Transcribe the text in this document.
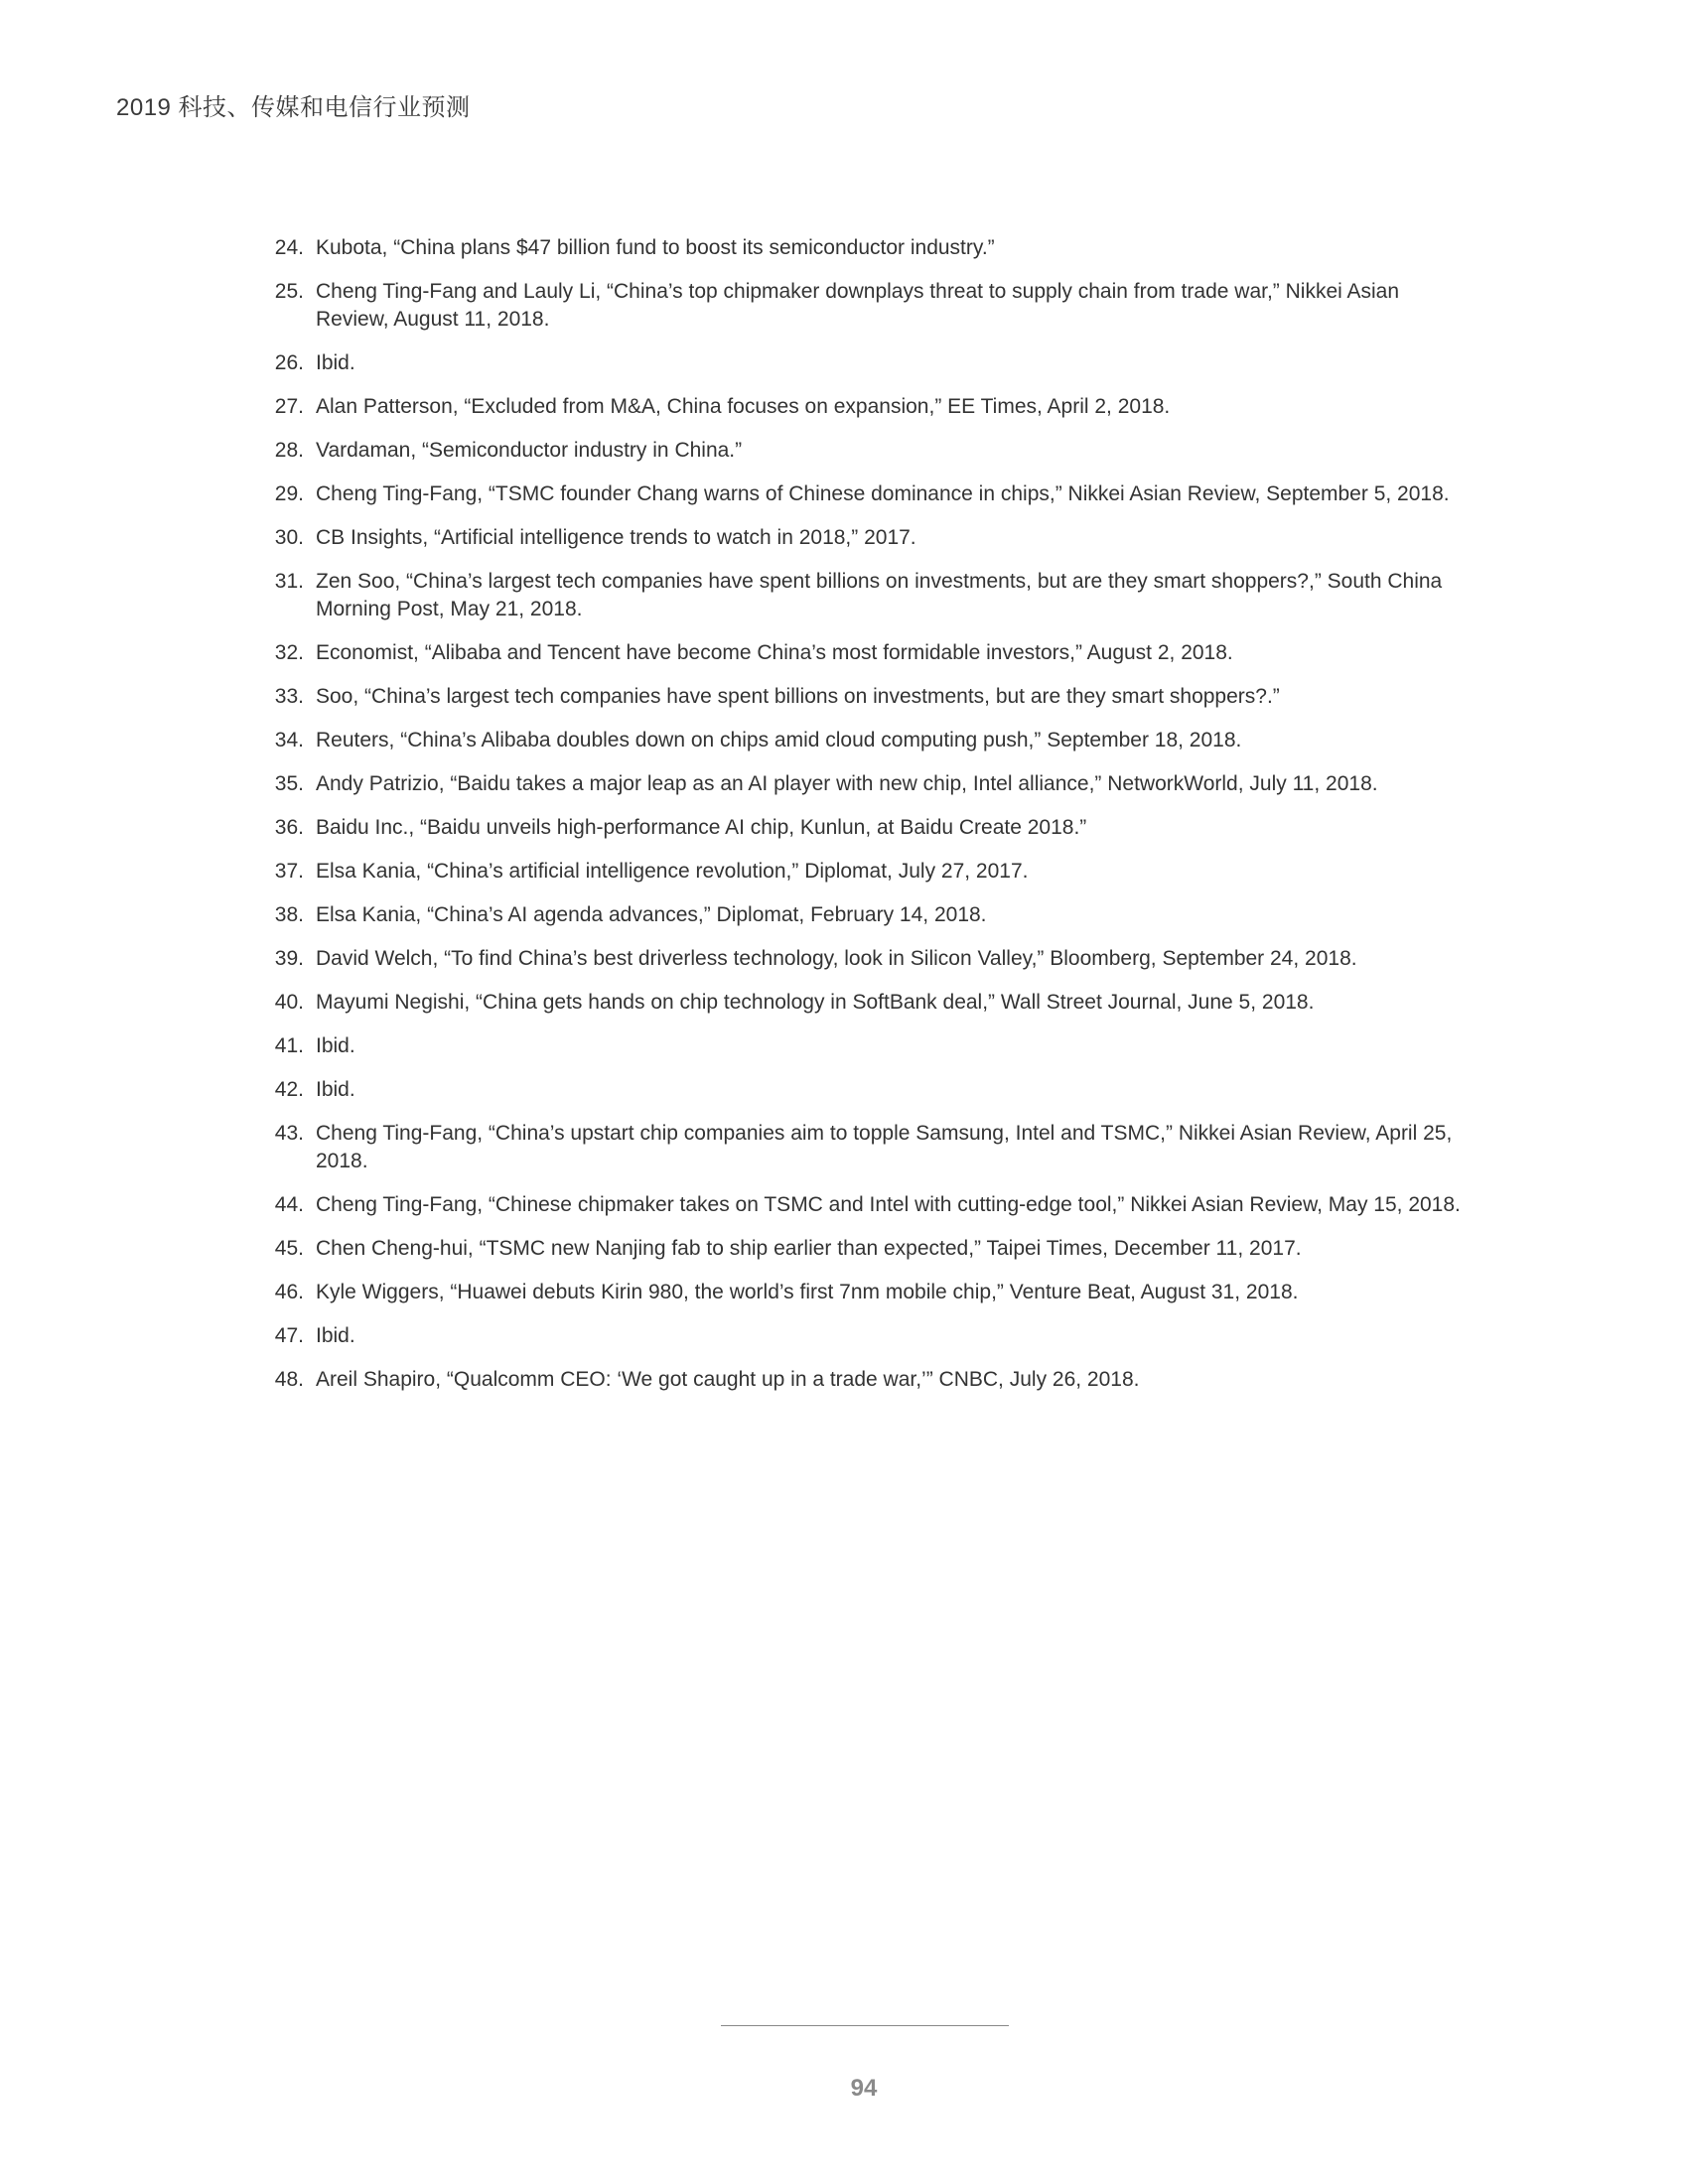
2019 科技、传媒和电信行业预测
24. Kubota, “China plans $47 billion fund to boost its semiconductor industry.”
25. Cheng Ting-Fang and Lauly Li, “China’s top chipmaker downplays threat to supply chain from trade war,” Nikkei Asian Review, August 11, 2018.
26. Ibid.
27. Alan Patterson, “Excluded from M&A, China focuses on expansion,” EE Times, April 2, 2018.
28. Vardaman, “Semiconductor industry in China.”
29. Cheng Ting-Fang, “TSMC founder Chang warns of Chinese dominance in chips,” Nikkei Asian Review, September 5, 2018.
30. CB Insights, “Artificial intelligence trends to watch in 2018,” 2017.
31. Zen Soo, “China’s largest tech companies have spent billions on investments, but are they smart shoppers?,” South China Morning Post, May 21, 2018.
32. Economist, “Alibaba and Tencent have become China’s most formidable investors,” August 2, 2018.
33. Soo, “China’s largest tech companies have spent billions on investments, but are they smart shoppers?.”
34. Reuters, “China’s Alibaba doubles down on chips amid cloud computing push,” September 18, 2018.
35. Andy Patrizio, “Baidu takes a major leap as an AI player with new chip, Intel alliance,” NetworkWorld, July 11, 2018.
36. Baidu Inc., “Baidu unveils high-performance AI chip, Kunlun, at Baidu Create 2018.”
37. Elsa Kania, “China’s artificial intelligence revolution,” Diplomat, July 27, 2017.
38. Elsa Kania, “China’s AI agenda advances,” Diplomat, February 14, 2018.
39. David Welch, “To find China’s best driverless technology, look in Silicon Valley,” Bloomberg, September 24, 2018.
40. Mayumi Negishi, “China gets hands on chip technology in SoftBank deal,” Wall Street Journal, June 5, 2018.
41. Ibid.
42. Ibid.
43. Cheng Ting-Fang, “China’s upstart chip companies aim to topple Samsung, Intel and TSMC,” Nikkei Asian Review, April 25, 2018.
44. Cheng Ting-Fang, “Chinese chipmaker takes on TSMC and Intel with cutting-edge tool,” Nikkei Asian Review, May 15, 2018.
45. Chen Cheng-hui, “TSMC new Nanjing fab to ship earlier than expected,” Taipei Times, December 11, 2017.
46. Kyle Wiggers, “Huawei debuts Kirin 980, the world’s first 7nm mobile chip,” Venture Beat, August 31, 2018.
47. Ibid.
48. Areil Shapiro, “Qualcomm CEO: ‘We got caught up in a trade war,’” CNBC, July 26, 2018.
94
